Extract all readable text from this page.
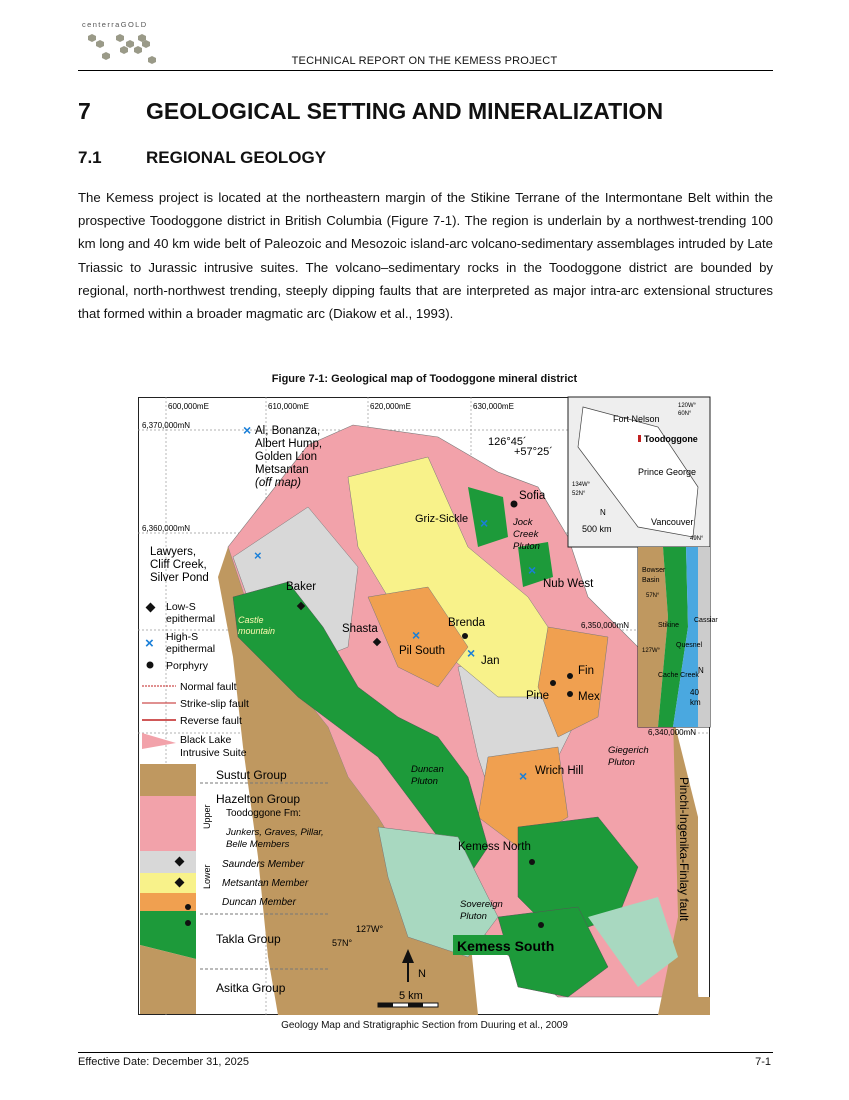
centerraGOLD
TECHNICAL REPORT ON THE KEMESS PROJECT
7 GEOLOGICAL SETTING AND MINERALIZATION
7.1	REGIONAL GEOLOGY
The Kemess project is located at the northeastern margin of the Stikine Terrane of the Intermontane Belt within the prospective Toodoggone district in British Columbia (Figure 7-1). The region is underlain by a northwest-trending 100 km long and 40 km wide belt of Paleozoic and Mesozoic island-arc volcano-sedimentary assemblages intruded by Late Triassic to Jurassic intrusive suites. The volcano–sedimentary rocks in the Toodoggone district are bounded by regional, north-northwest trending, steeply dipping faults that are interpreted as major intra-arc extensional structures that formed within a broader magmatic arc (Diakow et al., 1993).
Figure 7-1: Geological map of Toodoggone mineral district
Fort Nelson
Toodoggone
Prince George
Vancouver
120W°
60N°
134W°
52N°
49N°
500 km
N
Bowser
Basin
Stikine
Cassiar
Quesnel
Cache Creek
57N°
127W°
40
km
N
600,000mE	610,000mE	620,000mE	630,000mE
6,370,000mN
6,360,000mN
6,350,000mN
6,340,000mN
× Al, Bonanza,
Albert Hump,
Golden Lion
Metsantan
(off map)
126°45´
+57°25´
Lawyers,
Cliff Creek,
Silver Pond
×
Baker
Castle
mountain	Shasta	Brenda
Pil South
Jan
Griz-Sickle
Sofia
Jock
Creek
Pluton
Nub West
Fin
Pine	Mex
Duncan
Pluton
Giegerich
Pluton
Wrich Hill
Kemess North
Sovereign
Pluton
Kemess South
Pinchi-Ingenika-Finlay fault
127W°
57N°
×
×
×
×
×
Low-S
epithermal
× High-S
epithermal
Porphyry
Normal fault
Strike-slip fault
Reverse fault
Black Lake
Intrusive Suite
Sustut Group
Hazelton Group
Toodoggone Fm:
Junkers, Graves, Pillar,
Belle Members
Saunders Member
Metsantan Member
Duncan Member
Takla Group
Asitka Group
Upper
Lower
N
5 km
Geology Map and Stratigraphic Section from Duuring et al., 2009
Effective Date: December 31, 2025	7-1
